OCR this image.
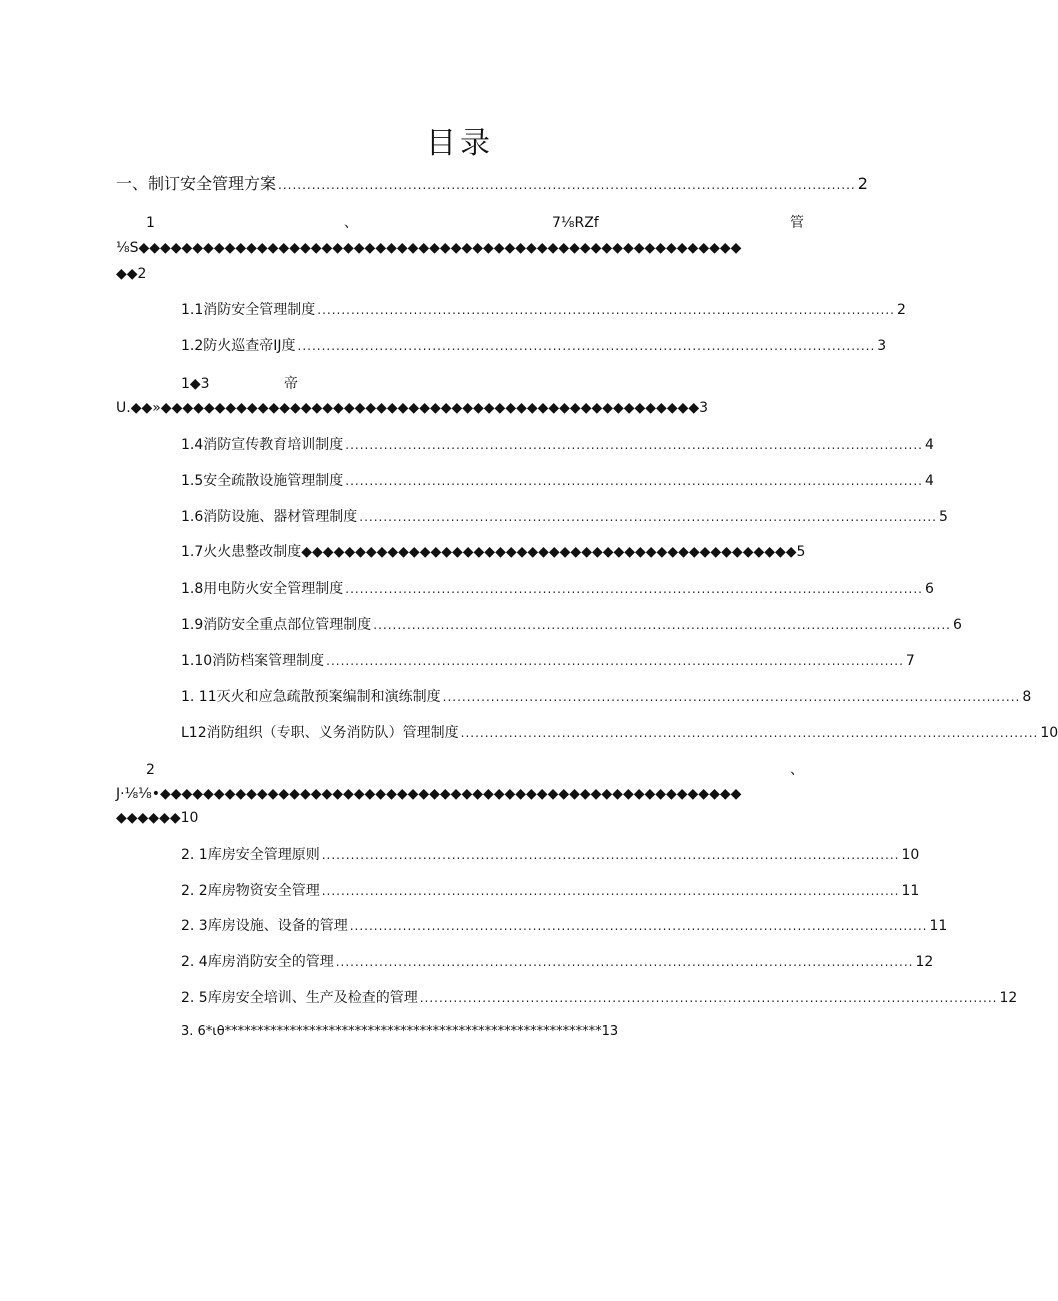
目录
一、制订安全管理方案 ........................................................................................................................ 2
1	、	7⅛RZf	管
⅛S◆◆◆◆◆◆◆◆◆◆◆◆◆◆◆◆◆◆◆◆◆◆◆◆◆◆◆◆◆◆◆◆◆◆◆◆◆◆◆◆◆◆◆◆◆◆◆◆◆◆◆◆◆◆◆◆
◆◆2
1.1消防安全管理制度 ........................................................................................................................ 2
1.2防火巡查帝IJ度 ........................................................................................................................ 3
1◆3	帝
U.◆◆»◆◆◆◆◆◆◆◆◆◆◆◆◆◆◆◆◆◆◆◆◆◆◆◆◆◆◆◆◆◆◆◆◆◆◆◆◆◆◆◆◆◆◆◆◆◆◆◆◆◆3
1.4消防宣传教育培训制度 ........................................................................................................................ 4
1.5安全疏散设施管理制度 ........................................................................................................................ 4
1.6消防设施、器材管理制度 ........................................................................................................................ 5
1.7火火患整改制度◆◆◆◆◆◆◆◆◆◆◆◆◆◆◆◆◆◆◆◆◆◆◆◆◆◆◆◆◆◆◆◆◆◆◆◆◆◆◆◆◆◆◆◆◆◆5
1.8用电防火安全管理制度 ........................................................................................................................ 6
1.9消防安全重点部位管理制度 ........................................................................................................................ 6
1.10消防档案管理制度 ........................................................................................................................ 7
1. 11灭火和应急疏散预案编制和演练制度 ........................................................................................................................ 8
L12消防组织（专职、义务消防队）管理制度 ........................................................................................................................ 10
2	、
J·⅛⅛•◆◆◆◆◆◆◆◆◆◆◆◆◆◆◆◆◆◆◆◆◆◆◆◆◆◆◆◆◆◆◆◆◆◆◆◆◆◆◆◆◆◆◆◆◆◆◆◆◆◆◆◆◆◆
◆◆◆◆◆◆10
2. 1库房安全管理原则 ........................................................................................................................ 10
2. 2库房物资安全管理 ........................................................................................................................ 11
2. 3库房设施、设备的管理 ........................................................................................................................ 11
2. 4库房消防安全的管理 ........................................................................................................................ 12
2. 5库房安全培训、生产及检查的管理 ........................................................................................................................ 12
3. 6*ιθ**********************************************************13
